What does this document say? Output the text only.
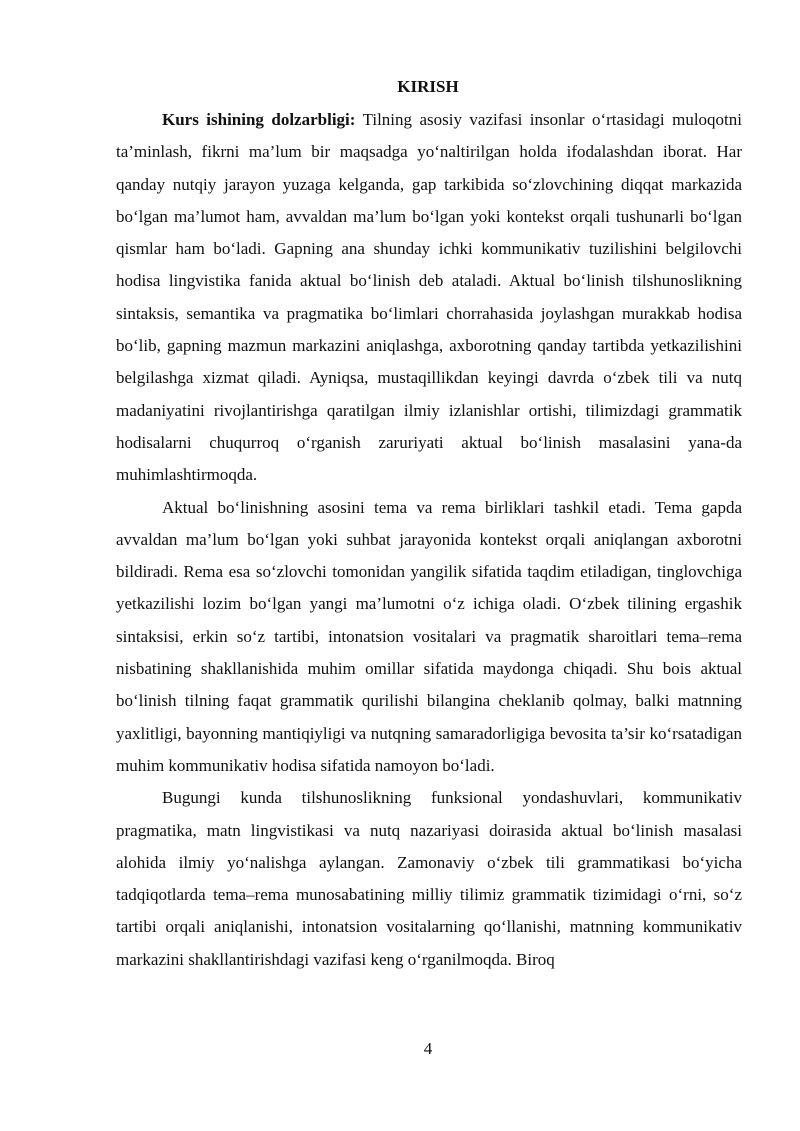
KIRISH

Kurs ishining dolzarbligi: Tilning asosiy vazifasi insonlar o‘rtasidagi muloqotni ta’minlash, fikrni ma’lum bir maqsadga yo‘naltirilgan holda ifodalashdan iborat. Har qanday nutqiy jarayon yuzaga kelganda, gap tarkibida so‘zlovchining diqqat markazida bo‘lgan ma’lumot ham, avvaldan ma’lum bo‘lgan yoki kontekst orqali tushunarli bo‘lgan qismlar ham bo‘ladi. Gapning ana shunday ichki kommunikativ tuzilishini belgilovchi hodisa lingvistika fanida aktual bo‘linish deb ataladi. Aktual bo‘linish tilshunoslikning sintaksis, semantika va pragmatika bo‘limlari chorrahasida joylashgan murakkab hodisa bo‘lib, gapning mazmun markazini aniqlashga, axborotning qanday tartibda yetkazilishini belgilashga xizmat qiladi. Ayniqsa, mustaqillikdan keyingi davrda o‘zbek tili va nutq madaniyatini rivojlantirishga qaratilgan ilmiy izlanishlar ortishi, tilimizdagi grammatik hodisalarni chuqurroq o‘rganish zaruriyati aktual bo‘linish masalasini yana-da muhimlashtirmoqda.

Aktual bo‘linishning asosini tema va rema birliklari tashkil etadi. Tema gapda avvaldan ma’lum bo‘lgan yoki suhbat jarayonida kontekst orqali aniqlangan axborotni bildiradi. Rema esa so‘zlovchi tomonidan yangilik sifatida taqdim etiladigan, tinglovchiga yetkazilishi lozim bo‘lgan yangi ma’lumotni o‘z ichiga oladi. O‘zbek tilining ergashik sintaksisi, erkin so‘z tartibi, intonatsion vositalari va pragmatik sharoitlari tema–rema nisbatining shakllanishida muhim omillar sifatida maydonga chiqadi. Shu bois aktual bo‘linish tilning faqat grammatik qurilishi bilangina cheklanib qolmay, balki matnning yaxlitligi, bayonning mantiqiyligi va nutqning samaradorligiga bevosita ta’sir ko‘rsatadigan muhim kommunikativ hodisa sifatida namoyon bo‘ladi.

Bugungi kunda tilshunoslikning funksional yondashuvlari, kommunikativ pragmatika, matn lingvistikasi va nutq nazariyasi doirasida aktual bo‘linish masalasi alohida ilmiy yo‘nalishga aylangan. Zamonaviy o‘zbek tili grammatikasi bo‘yicha tadqiqotlarda tema–rema munosabatining milliy tilimiz grammatik tizimidagi o‘rni, so‘z tartibi orqali aniqlanishi, intonatsion vositalarning qo‘llanishi, matnning kommunikativ markazini shakllantirishdagi vazifasi keng o‘rganilmoqda. Biroq

4
